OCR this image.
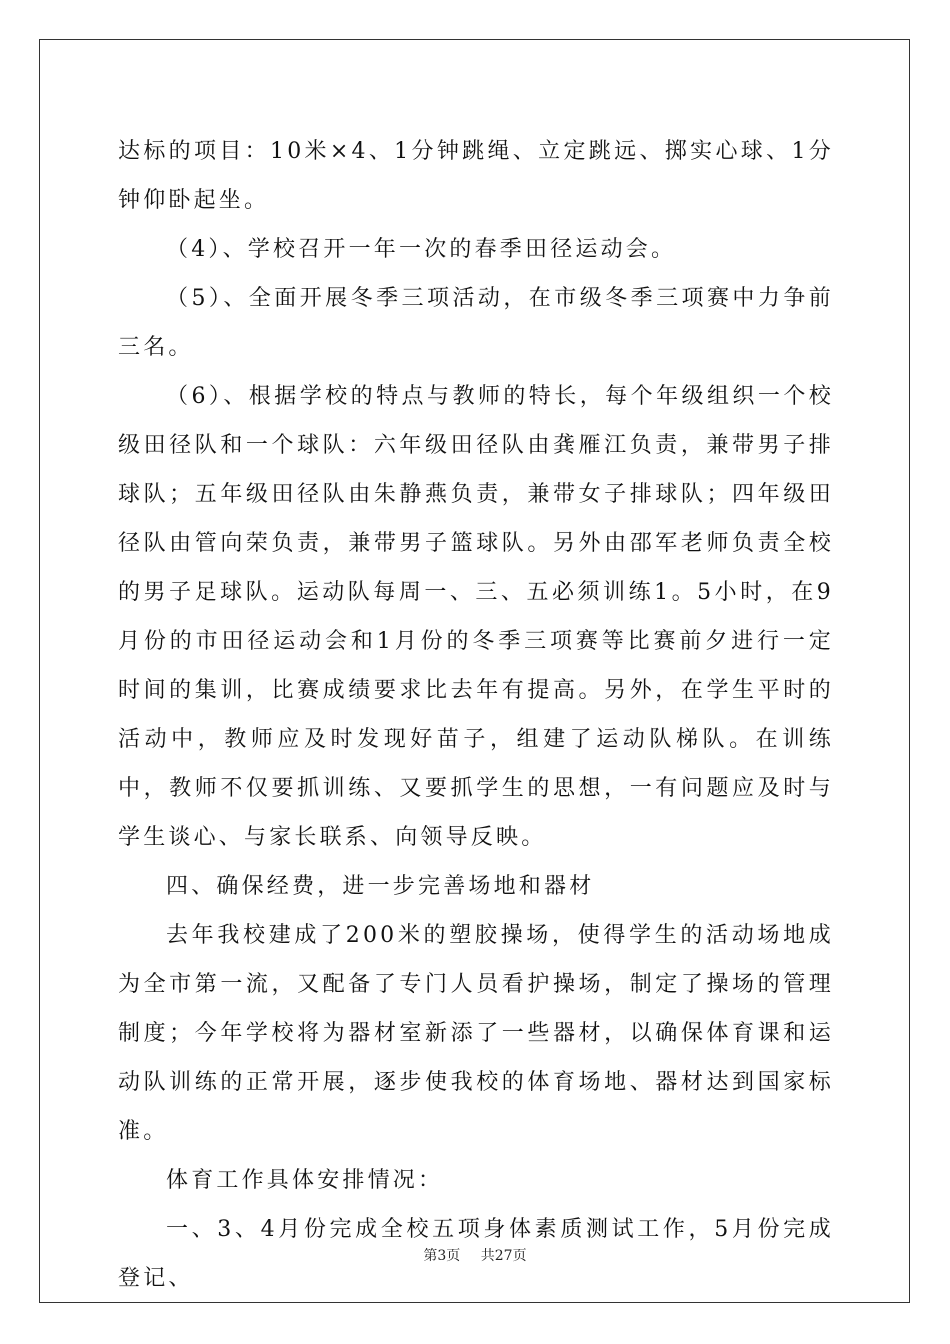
达标的项目：10米×4、1分钟跳绳、立定跳远、掷实心球、1分钟仰卧起坐。

（4）、学校召开一年一次的春季田径运动会。

（5）、全面开展冬季三项活动，在市级冬季三项赛中力争前三名。

（6）、根据学校的特点与教师的特长，每个年级组织一个校级田径队和一个球队：六年级田径队由龚雁江负责，兼带男子排球队；五年级田径队由朱静燕负责，兼带女子排球队；四年级田径队由管向荣负责，兼带男子篮球队。另外由邵军老师负责全校的男子足球队。运动队每周一、三、五必须训练1。5小时，在9月份的市田径运动会和1月份的冬季三项赛等比赛前夕进行一定时间的集训，比赛成绩要求比去年有提高。另外，在学生平时的活动中，教师应及时发现好苗子，组建了运动队梯队。在训练中，教师不仅要抓训练、又要抓学生的思想，一有问题应及时与学生谈心、与家长联系、向领导反映。

四、确保经费，进一步完善场地和器材

去年我校建成了200米的塑胶操场，使得学生的活动场地成为全市第一流，又配备了专门人员看护操场，制定了操场的管理制度；今年学校将为器材室新添了一些器材，以确保体育课和运动队训练的正常开展，逐步使我校的体育场地、器材达到国家标准。

体育工作具体安排情况：

一、3、4月份完成全校五项身体素质测试工作，5月份完成登记、

第3页 共27页
